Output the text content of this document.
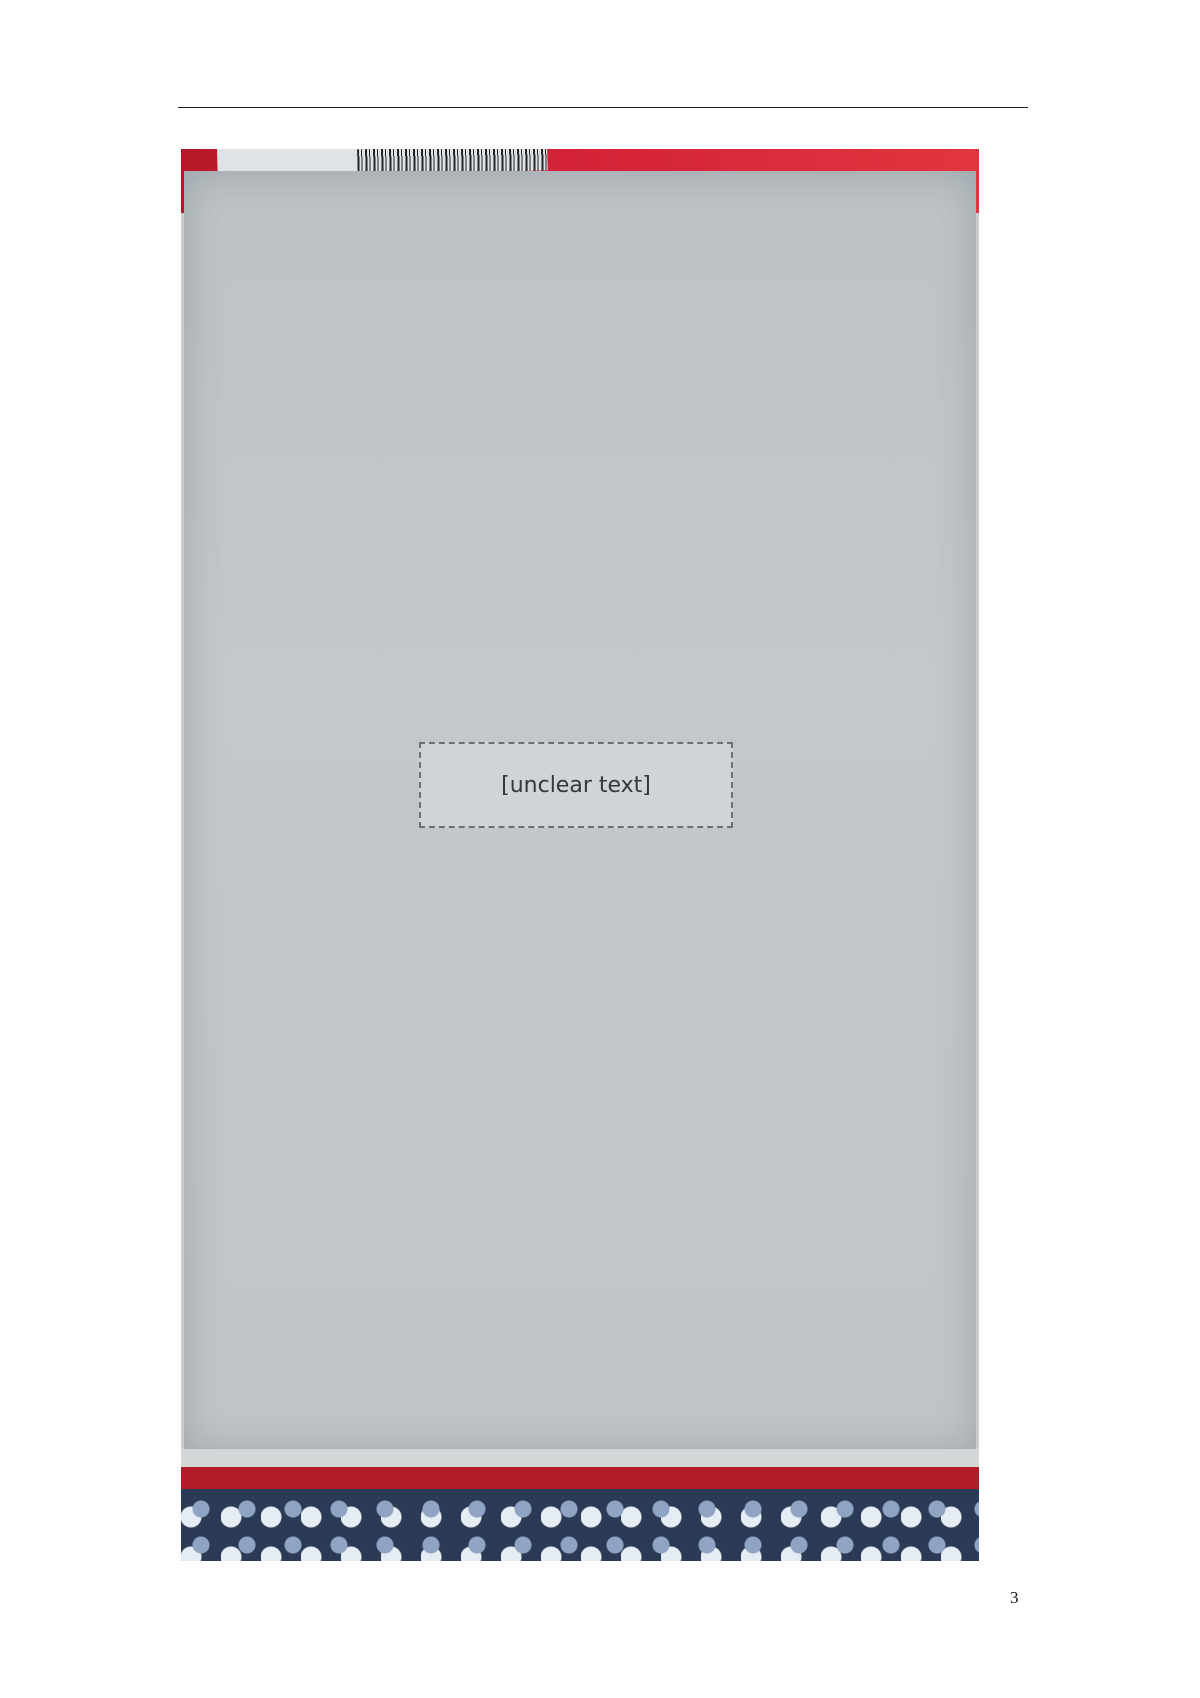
[unclear text]
3
